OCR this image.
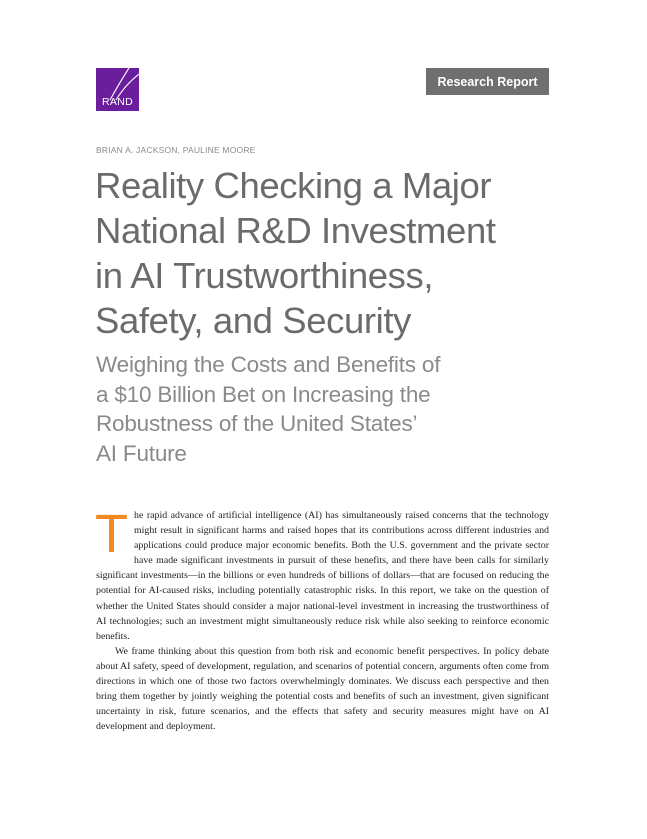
RAND
Research Report
BRIAN A. JACKSON, PAULINE MOORE
Reality Checking a Major
National R&D Investment
in AI Trustworthiness,
Safety, and Security
Weighing the Costs and Benefits of
a $10 Billion Bet on Increasing the
Robustness of the United States’
AI Future

The rapid advance of artificial intelligence (AI) has simultaneously raised concerns that the technology might result in significant harms and raised hopes that its contributions across different industries and applications could produce major economic benefits. Both the U.S. government and the private sector have made significant investments in pursuit of these benefits, and there have been calls for similarly significant investments—in the billions or even hundreds of billions of dollars—that are focused on reducing the potential for AI-caused risks, including potentially catastrophic risks. In this report, we take on the question of whether the United States should consider a major national-level investment in increasing the trustworthiness of AI technologies; such an investment might simultaneously reduce risk while also seeking to reinforce economic benefits.

We frame thinking about this question from both risk and economic benefit perspectives. In policy debate about AI safety, speed of development, regulation, and scenarios of potential concern, arguments often come from directions in which one of those two factors overwhelmingly dominates. We discuss each perspective and then bring them together by jointly weighing the potential costs and benefits of such an investment, given significant uncertainty in risk, future scenarios, and the effects that safety and security measures might have on AI development and deployment.
